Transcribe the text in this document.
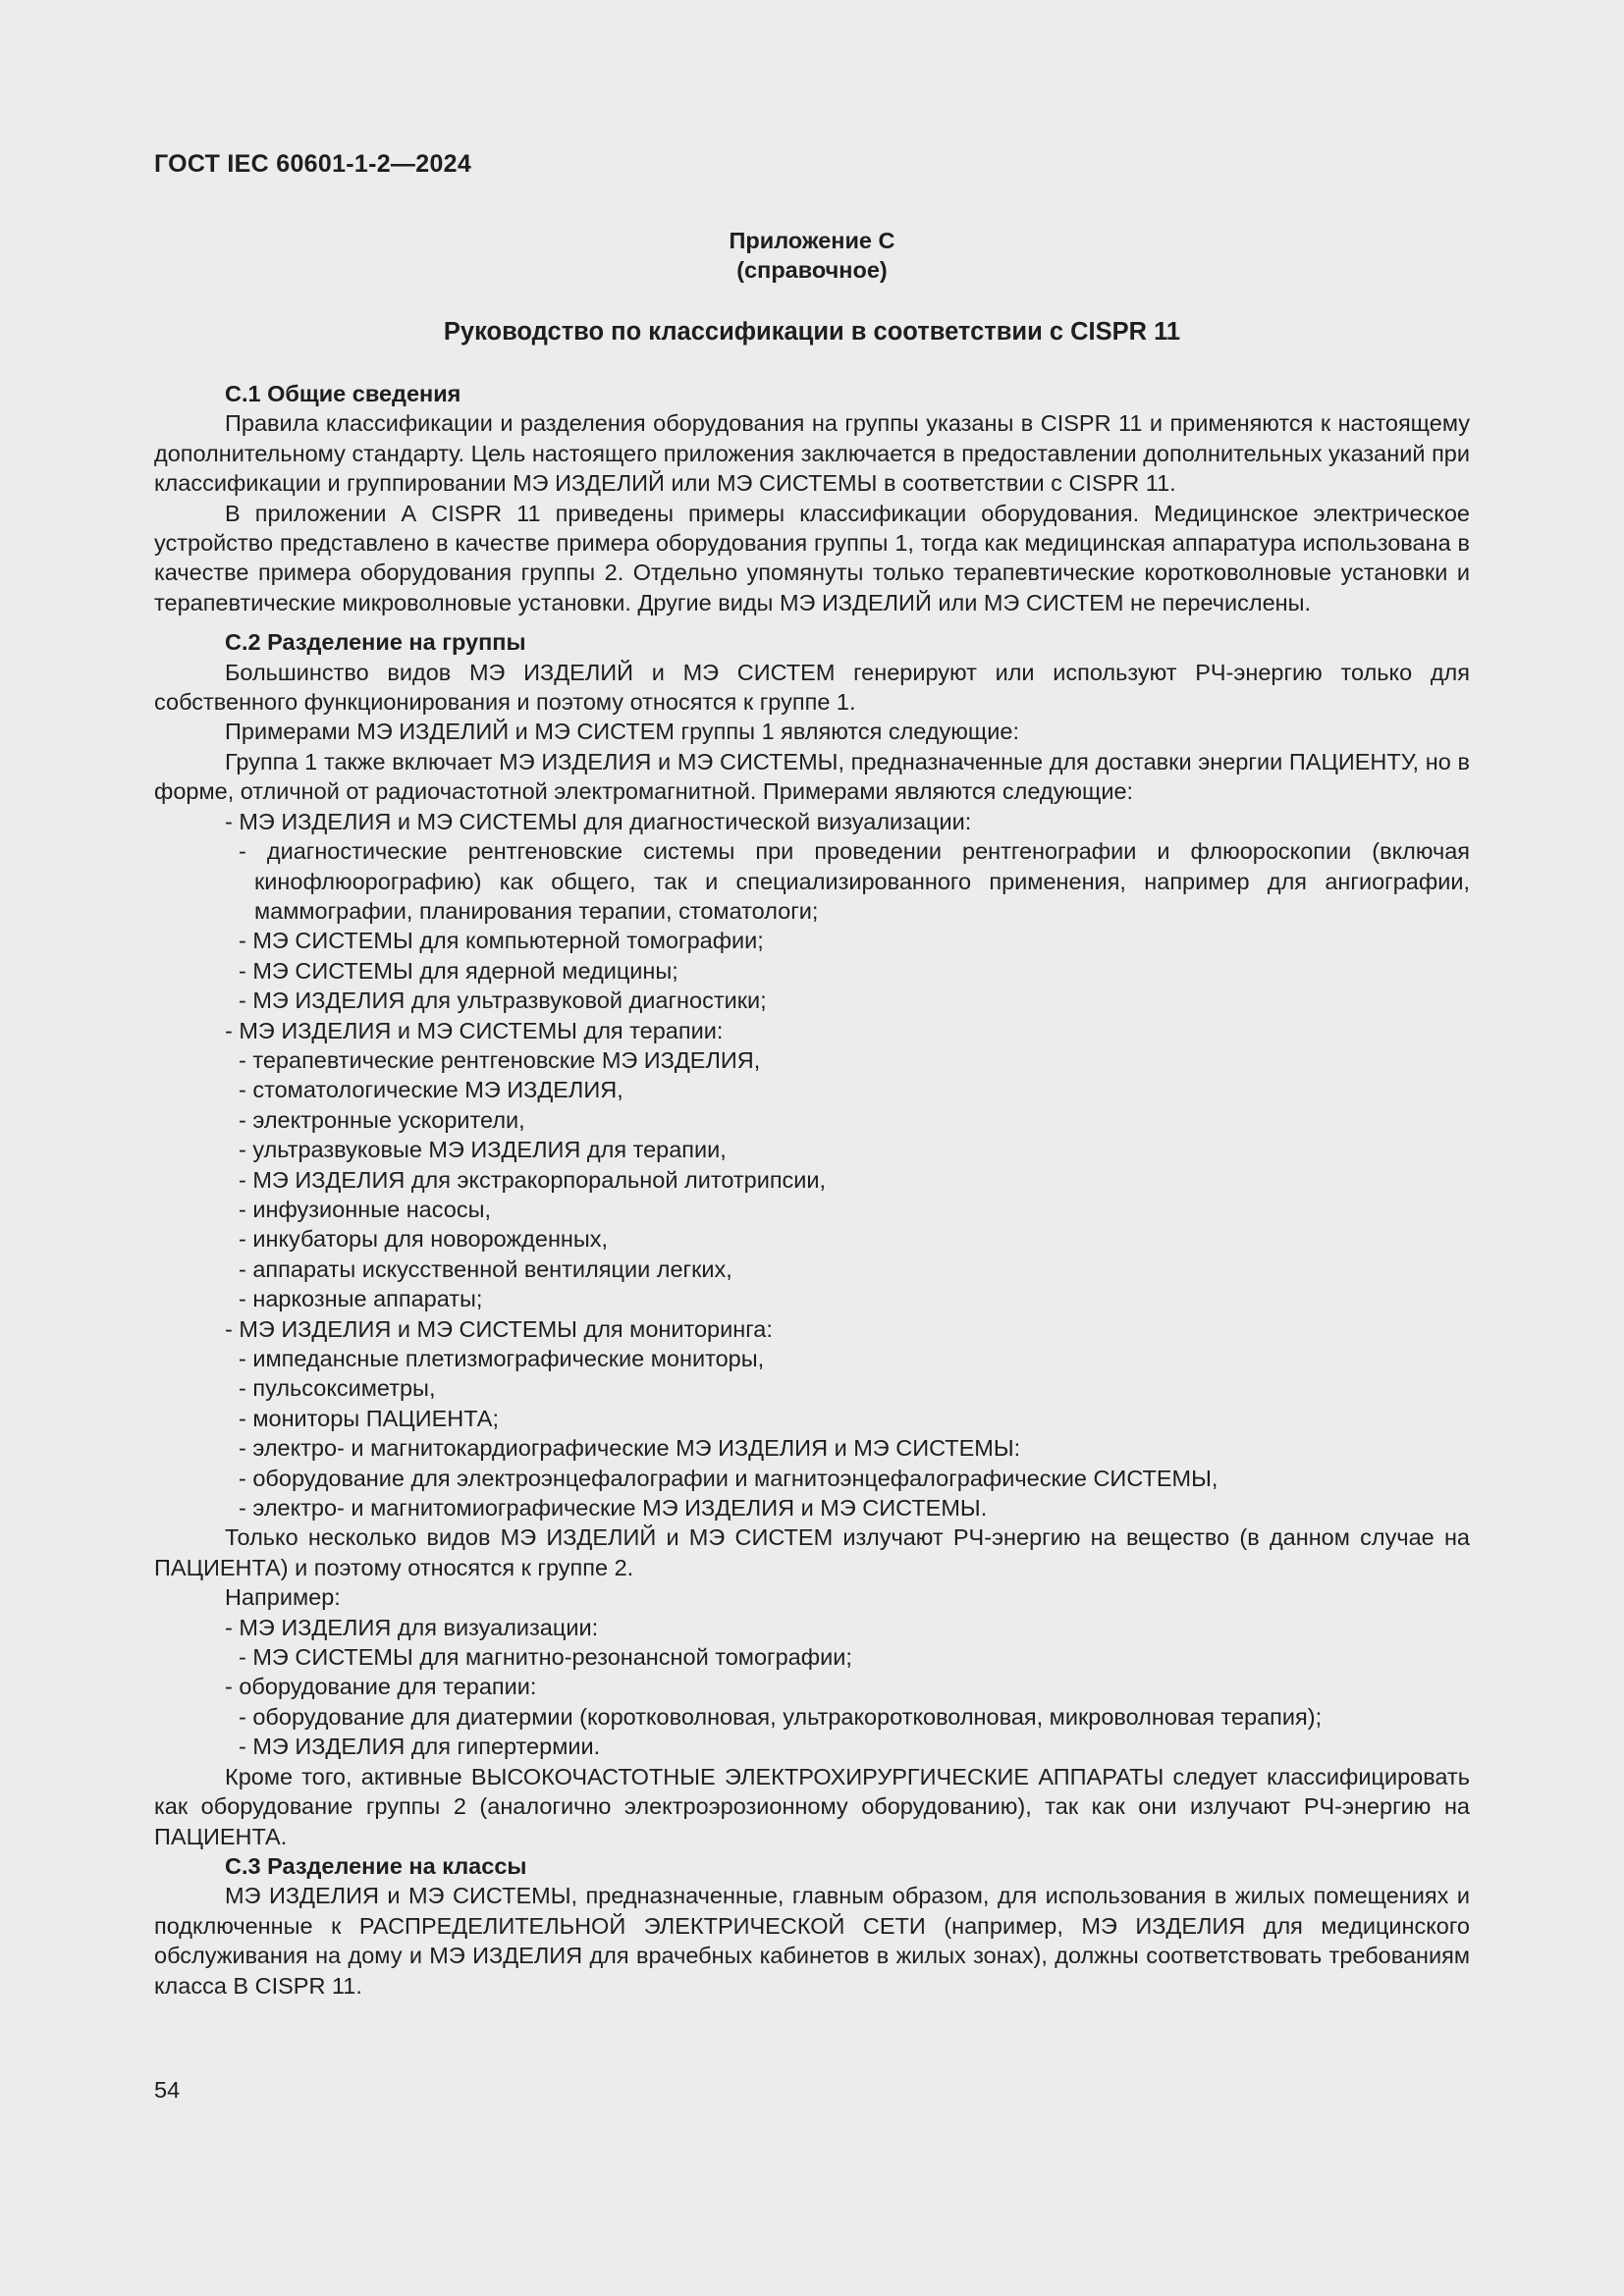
ГОСТ IEC 60601-1-2—2024
Приложение С
(справочное)
Руководство по классификации в соответствии с CISPR 11

С.1 Общие сведения

Правила классификации и разделения оборудования на группы указаны в CISPR 11 и применяются к настоящему дополнительному стандарту. Цель настоящего приложения заключается в предоставлении дополнительных указаний при классификации и группировании МЭ ИЗДЕЛИЙ или МЭ СИСТЕМЫ в соответствии с CISPR 11.

В приложении А CISPR 11 приведены примеры классификации оборудования. Медицинское электрическое устройство представлено в качестве примера оборудования группы 1, тогда как медицинская аппаратура использована в качестве примера оборудования группы 2. Отдельно упомянуты только терапевтические коротковолновые установки и терапевтические микроволновые установки. Другие виды МЭ ИЗДЕЛИЙ или МЭ СИСТЕМ не перечислены.

С.2 Разделение на группы

Большинство видов МЭ ИЗДЕЛИЙ и МЭ СИСТЕМ генерируют или используют РЧ-энергию только для собственного функционирования и поэтому относятся к группе 1.

Примерами МЭ ИЗДЕЛИЙ и МЭ СИСТЕМ группы 1 являются следующие:

Группа 1 также включает МЭ ИЗДЕЛИЯ и МЭ СИСТЕМЫ, предназначенные для доставки энергии ПАЦИЕНТУ, но в форме, отличной от радиочастотной электромагнитной. Примерами являются следующие:

- МЭ ИЗДЕЛИЯ и МЭ СИСТЕМЫ для диагностической визуализации:

- диагностические рентгеновские системы при проведении рентгенографии и флюороскопии (включая кинофлюорографию) как общего, так и специализированного применения, например для ангиографии, маммографии, планирования терапии, стоматологи;

- МЭ СИСТЕМЫ для компьютерной томографии;

- МЭ СИСТЕМЫ для ядерной медицины;

- МЭ ИЗДЕЛИЯ для ультразвуковой диагностики;

- МЭ ИЗДЕЛИЯ и МЭ СИСТЕМЫ для терапии:

- терапевтические рентгеновские МЭ ИЗДЕЛИЯ,

- стоматологические МЭ ИЗДЕЛИЯ,

- электронные ускорители,

- ультразвуковые МЭ ИЗДЕЛИЯ для терапии,

- МЭ ИЗДЕЛИЯ для экстракорпоральной литотрипсии,

- инфузионные насосы,

- инкубаторы для новорожденных,

- аппараты искусственной вентиляции легких,

- наркозные аппараты;

- МЭ ИЗДЕЛИЯ и МЭ СИСТЕМЫ для мониторинга:

- импедансные плетизмографические мониторы,

- пульсоксиметры,

- мониторы ПАЦИЕНТА;

- электро- и магнитокардиографические МЭ ИЗДЕЛИЯ и МЭ СИСТЕМЫ:

- оборудование для электроэнцефалографии и магнитоэнцефалографические СИСТЕМЫ,

- электро- и магнитомиографические МЭ ИЗДЕЛИЯ и МЭ СИСТЕМЫ.

Только несколько видов МЭ ИЗДЕЛИЙ и МЭ СИСТЕМ излучают РЧ-энергию на вещество (в данном случае на ПАЦИЕНТА) и поэтому относятся к группе 2.

Например:

- МЭ ИЗДЕЛИЯ для визуализации:

- МЭ СИСТЕМЫ для магнитно-резонансной томографии;

- оборудование для терапии:

- оборудование для диатермии (коротковолновая, ультракоротковолновая, микроволновая терапия);

- МЭ ИЗДЕЛИЯ для гипертермии.

Кроме того, активные ВЫСОКОЧАСТОТНЫЕ ЭЛЕКТРОХИРУРГИЧЕСКИЕ АППАРАТЫ следует классифицировать как оборудование группы 2 (аналогично электроэрозионному оборудованию), так как они излучают РЧ-энергию на ПАЦИЕНТА.

С.3 Разделение на классы

МЭ ИЗДЕЛИЯ и МЭ СИСТЕМЫ, предназначенные, главным образом, для использования в жилых помещениях и подключенные к РАСПРЕДЕЛИТЕЛЬНОЙ ЭЛЕКТРИЧЕСКОЙ СЕТИ (например, МЭ ИЗДЕЛИЯ для медицинского обслуживания на дому и МЭ ИЗДЕЛИЯ для врачебных кабинетов в жилых зонах), должны соответствовать требованиям класса В CISPR 11.

54
